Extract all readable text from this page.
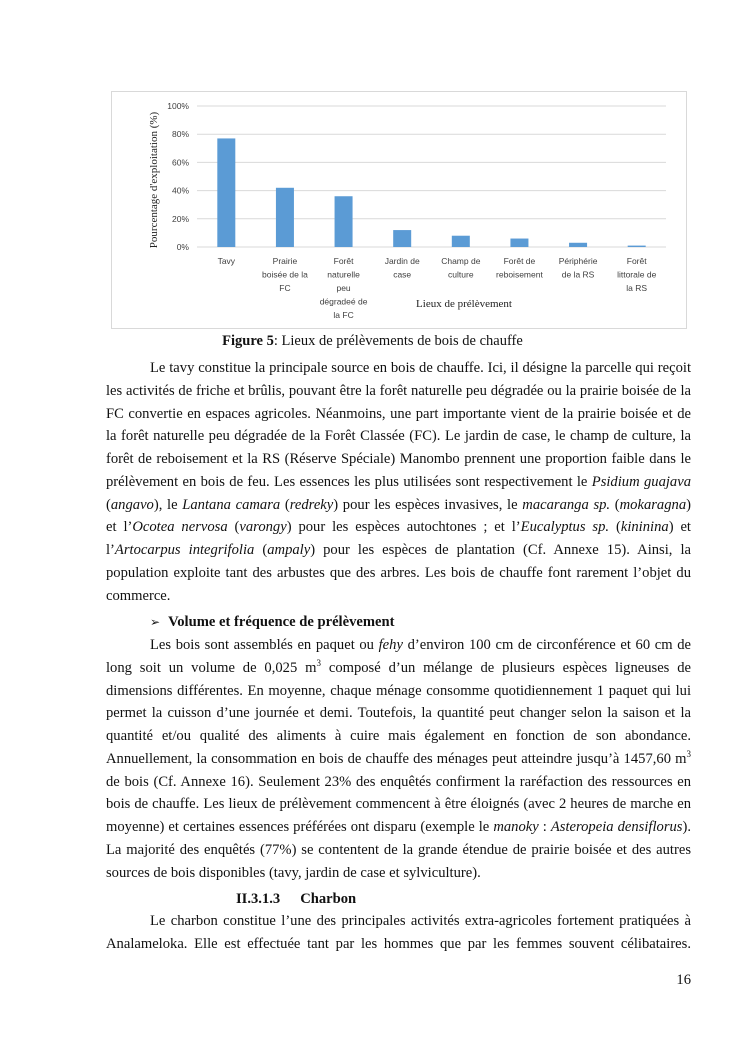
0%
20%
40%
60%
80%
100%
Tavy	Prairie
boisée de la
FC
Forêt
naturelle
peu
dégradeé de
la FC
Jardin de
case
Champ de
culture
Forêt de
reboisement
Périphérie
de la RS
Forêt
littorale de
la RS
Lieux de prélèvement
Pourcentage d'exploitation (%)
Figure 5: Lieux de prélèvements de bois de chauffe

Le tavy constitue la principale source en bois de chauffe. Ici, il désigne la parcelle qui reçoit les activités de friche et brûlis, pouvant être la forêt naturelle peu dégradée ou la prairie boisée de la FC convertie en espaces agricoles. Néanmoins, une part importante vient de la prairie boisée et de la forêt naturelle peu dégradée de la Forêt Classée (FC). Le jardin de case, le champ de culture, la forêt de reboisement et la RS (Réserve Spéciale) Manombo prennent une proportion faible dans le prélèvement en bois de feu. Les essences les plus utilisées sont respectivement le Psidium guajava (angavo), le Lantana camara (redreky) pour les espèces invasives, le macaranga sp. (mokaragna) et l’Ocotea nervosa (varongy) pour les espèces autochtones ; et l’Eucalyptus sp. (kininina) et l’Artocarpus integrifolia (ampaly) pour les espèces de plantation (Cf. Annexe 15). Ainsi, la population exploite tant des arbustes que des arbres. Les bois de chauffe font rarement l’objet du commerce.

➢ Volume et fréquence de prélèvement

Les bois sont assemblés en paquet ou fehy d’environ 100 cm de circonférence et 60 cm de long soit un volume de 0,025 $m^3$ composé d’un mélange de plusieurs espèces ligneuses de dimensions différentes. En moyenne, chaque ménage consomme quotidiennement 1 paquet qui lui permet la cuisson d’une journée et demi. Toutefois, la quantité peut changer selon la saison et la quantité et/ou qualité des aliments à cuire mais également en fonction de son abondance. Annuellement, la consommation en bois de chauffe des ménages peut atteindre jusqu’à 1457,60 $m^3$ de bois (Cf. Annexe 16). Seulement 23% des enquêtés confirment la raréfaction des ressources en bois de chauffe. Les lieux de prélèvement commencent à être éloignés (avec 2 heures de marche en moyenne) et certaines essences préférées ont disparu (exemple le manoky : Asteropeia densiflorus). La majorité des enquêtés (77%) se contentent de la grande étendue de prairie boisée et des autres sources de bois disponibles (tavy, jardin de case et sylviculture).

II.3.1.3 Charbon

Le charbon constitue l’une des principales activités extra-agricoles fortement pratiquées à Analameloka. Elle est effectuée tant par les hommes que par les femmes souvent célibataires.

16
